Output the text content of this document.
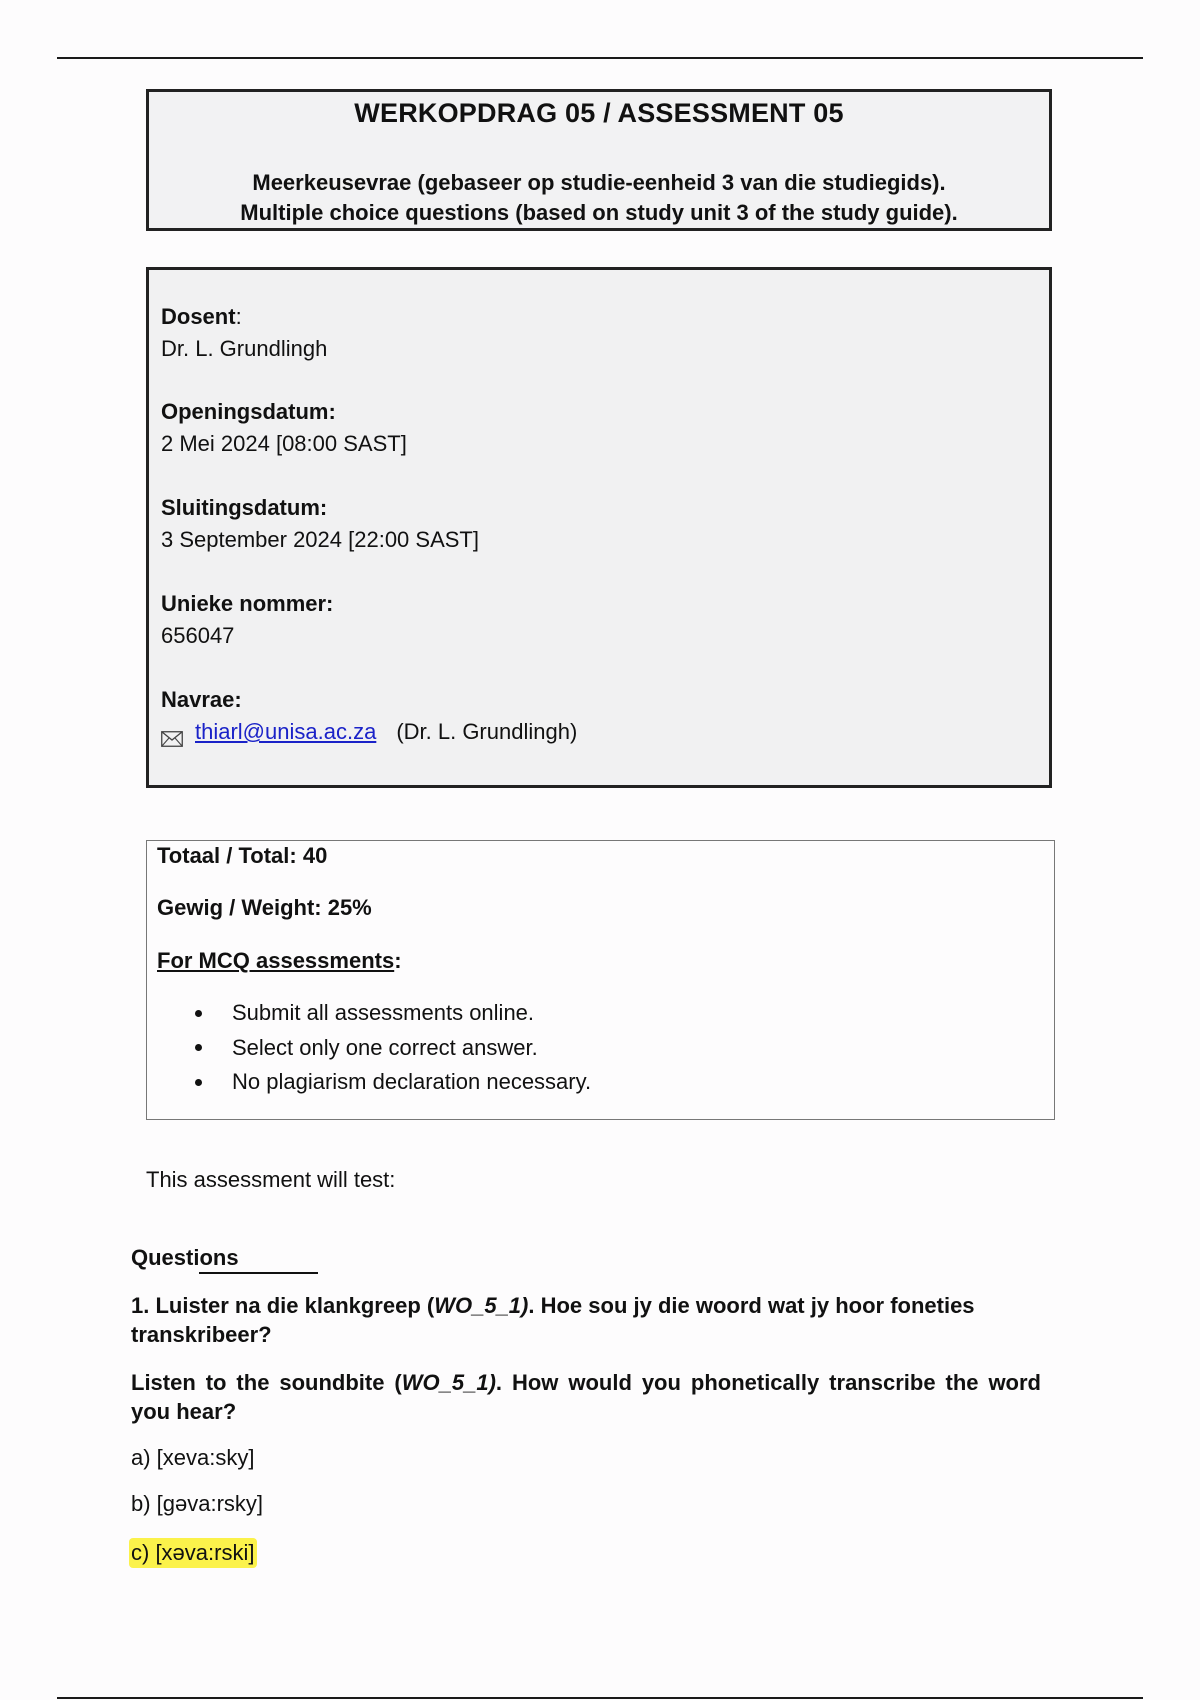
WERKOPDRAG 05 / ASSESSMENT 05
Meerkeusevrae (gebaseer op studie-eenheid 3 van die studiegids).
Multiple choice questions (based on study unit 3 of the study guide).
Dosent:
Dr. L. Grundlingh
Openingsdatum:
2 Mei 2024 [08:00 SAST]
Sluitingsdatum:
3 September 2024 [22:00 SAST]
Unieke nommer:
656047
Navrae:
thiarl@unisa.ac.za (Dr. L. Grundlingh)
Totaal / Total: 40
Gewig / Weight: 25%
For MCQ assessments:
Submit all assessments online.
Select only one correct answer.
No plagiarism declaration necessary.
This assessment will test:
Questions
1. Luister na die klankgreep (WO_5_1). Hoe sou jy die woord wat jy hoor foneties transkribeer?
Listen to the soundbite (WO_5_1). How would you phonetically transcribe the word you hear?
a) [xeva:sky]
b) [gəva:rsky]
c) [xəva:rski]
